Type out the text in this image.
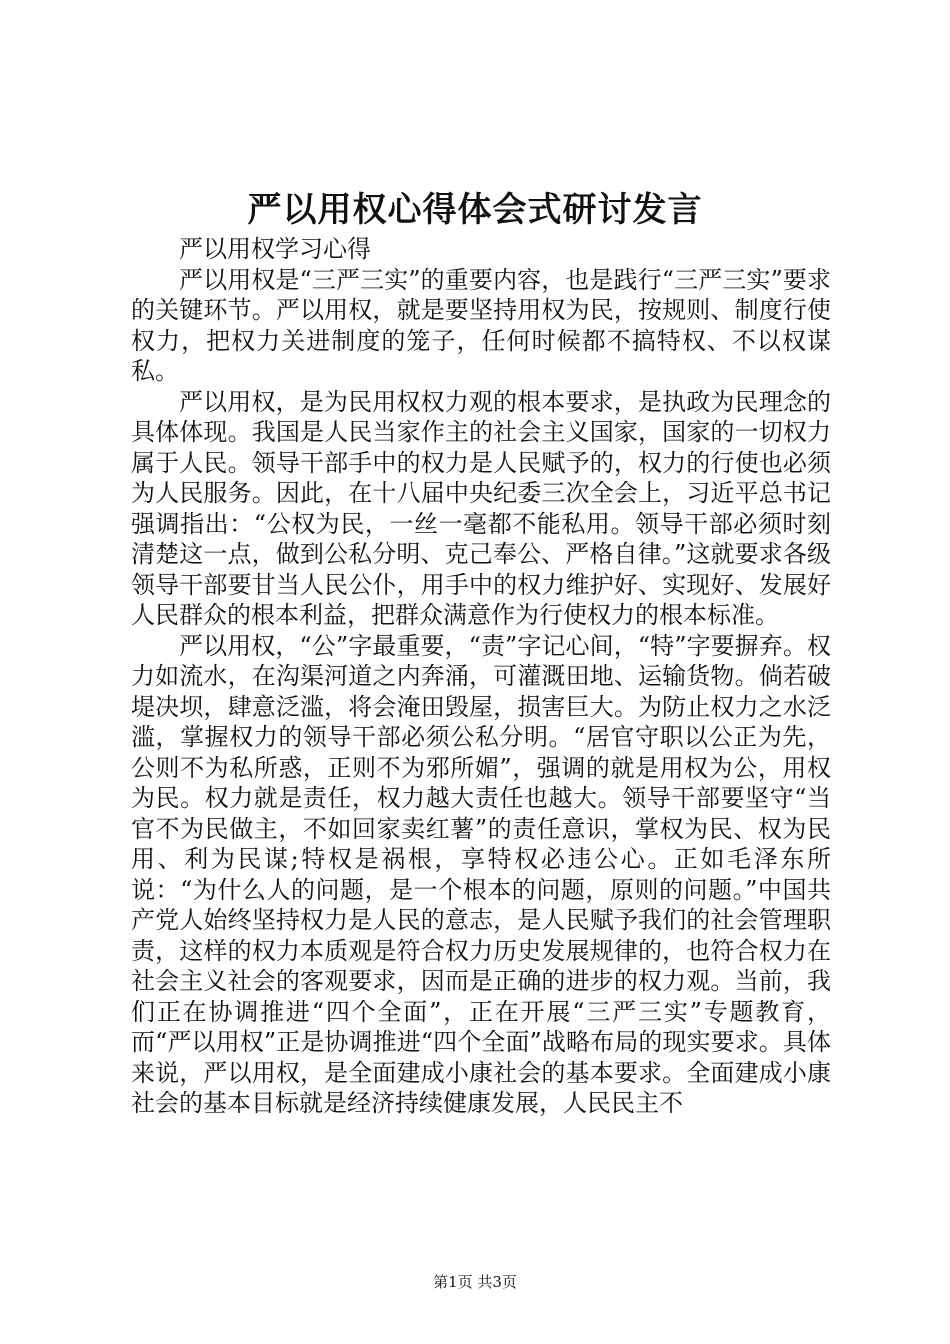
严以用权心得体会式研讨发言

严以用权学习心得

严以用权是“三严三实”的重要内容，也是践行“三严三实”要求的关键环节。严以用权，就是要坚持用权为民，按规则、制度行使权力，把权力关进制度的笼子，任何时候都不搞特权、不以权谋私。

严以用权，是为民用权权力观的根本要求，是执政为民理念的具体体现。我国是人民当家作主的社会主义国家，国家的一切权力属于人民。领导干部手中的权力是人民赋予的，权力的行使也必须为人民服务。因此，在十八届中央纪委三次全会上，习近平总书记强调指出：“公权为民，一丝一毫都不能私用。领导干部必须时刻清楚这一点，做到公私分明、克己奉公、严格自律。”这就要求各级领导干部要甘当人民公仆，用手中的权力维护好、实现好、发展好人民群众的根本利益，把群众满意作为行使权力的根本标准。

严以用权，“公”字最重要，“责”字记心间，“特”字要摒弃。权力如流水，在沟渠河道之内奔涌，可灌溉田地、运输货物。倘若破堤决坝，肆意泛滥，将会淹田毁屋，损害巨大。为防止权力之水泛滥，掌握权力的领导干部必须公私分明。“居官守职以公正为先，公则不为私所惑，正则不为邪所媚”，强调的就是用权为公，用权为民。权力就是责任，权力越大责任也越大。领导干部要坚守“当官不为民做主，不如回家卖红薯”的责任意识，掌权为民、权为民用、利为民谋;特权是祸根，享特权必违公心。正如毛泽东所说：“为什么人的问题，是一个根本的问题，原则的问题。”中国共产党人始终坚持权力是人民的意志，是人民赋予我们的社会管理职责，这样的权力本质观是符合权力历史发展规律的，也符合权力在社会主义社会的客观要求，因而是正确的进步的权力观。当前，我们正在协调推进“四个全面”，正在开展“三严三实”专题教育，而“严以用权”正是协调推进“四个全面”战略布局的现实要求。具体来说，严以用权，是全面建成小康社会的基本要求。全面建成小康社会的基本目标就是经济持续健康发展，人民民主不

第1页 共3页
